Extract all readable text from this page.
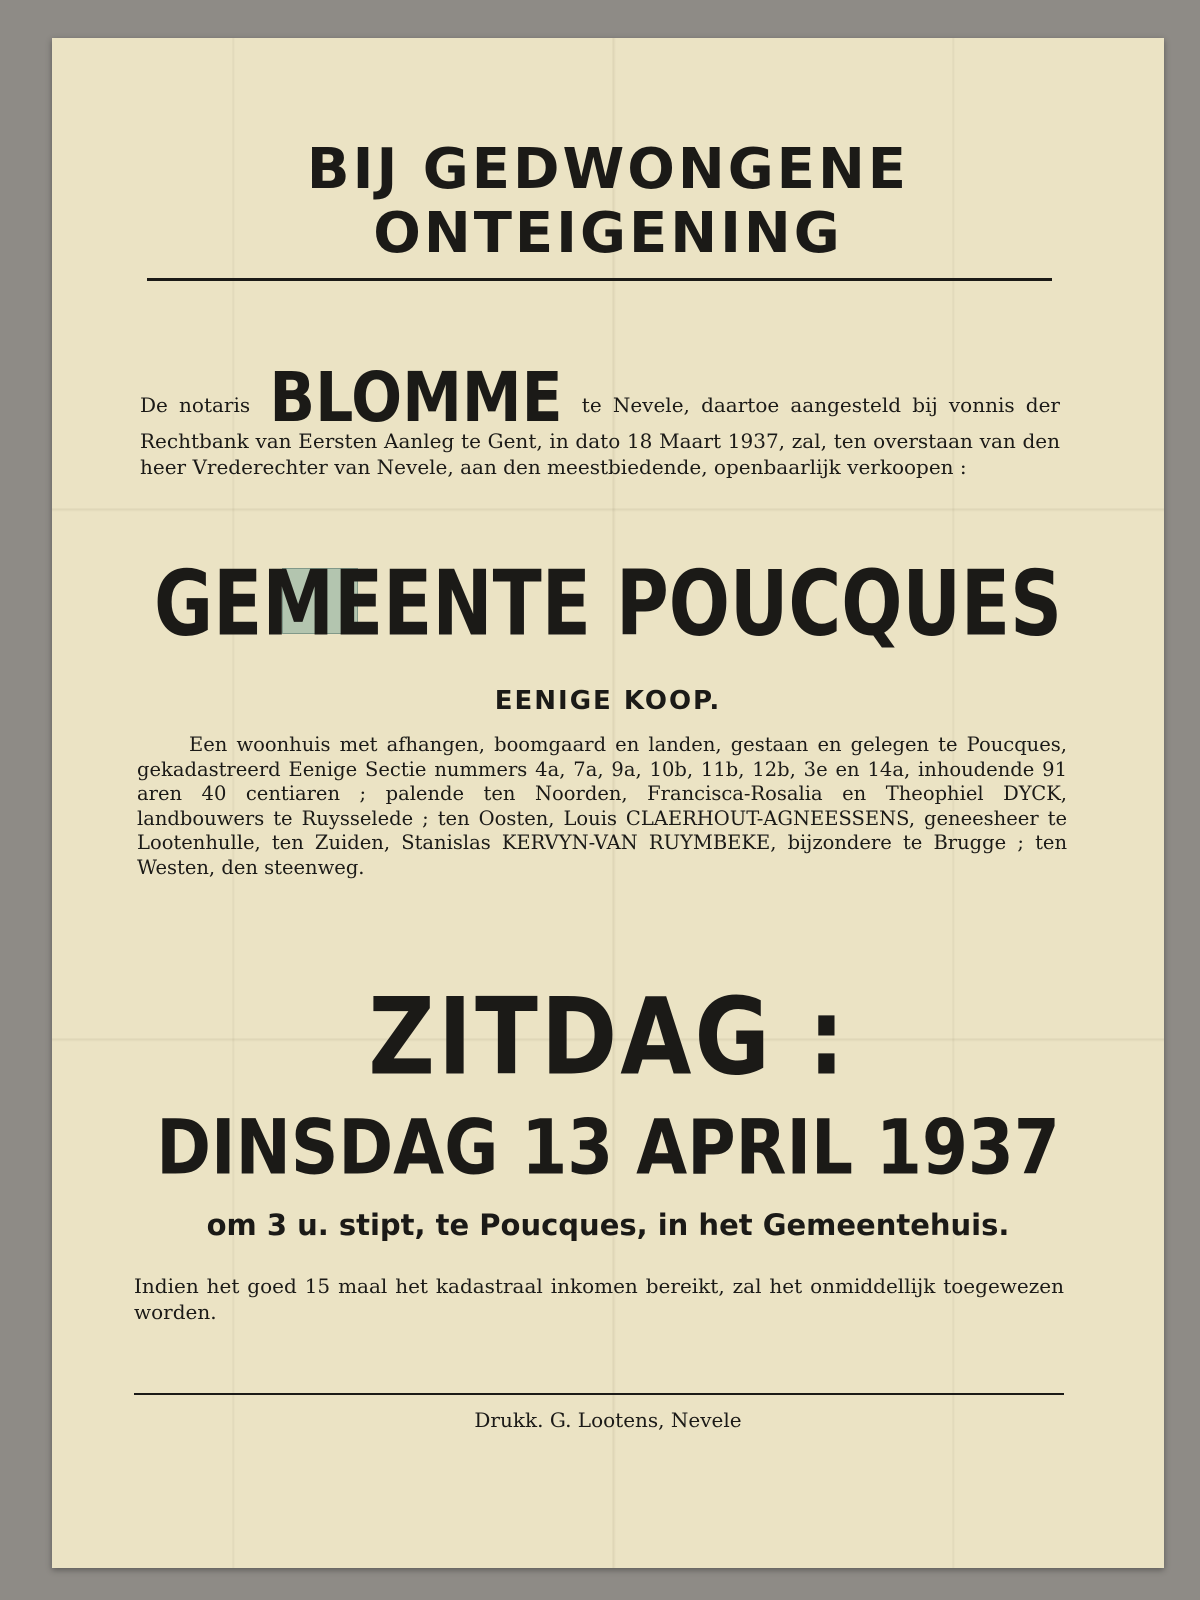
BIJ GEDWONGENE
ONTEIGENING
De notaris BLOMME te Nevele, daartoe aangesteld bij vonnis der Rechtbank van Eersten Aanleg te Gent, in dato 18 Maart 1937, zal, ten overstaan van den heer Vrederechter van Nevele, aan den meestbiedende, openbaarlijk verkoopen :
GEMEENTE POUCQUES
EENIGE KOOP.
Een woonhuis met afhangen, boomgaard en landen, gestaan en gelegen te Poucques, gekadastreerd Eenige Sectie nummers 4a, 7a, 9a, 10b, 11b, 12b, 3e en 14a, inhoudende 91 aren 40 centiaren ; palende ten Noorden, Francisca-Rosalia en Theophiel DYCK, landbouwers te Ruysselede ; ten Oosten, Louis CLAERHOUT-AGNEESSENS, geneesheer te Lootenhulle, ten Zuiden, Stanislas KERVYN-VAN RUYMBEKE, bijzondere te Brugge ; ten Westen, den steenweg.
ZITDAG :
DINSDAG 13 APRIL 1937
om 3 u. stipt, te Poucques, in het Gemeentehuis.
Indien het goed 15 maal het kadastraal inkomen bereikt, zal het onmiddellijk toegewezen worden.
Drukk. G. Lootens, Nevele
